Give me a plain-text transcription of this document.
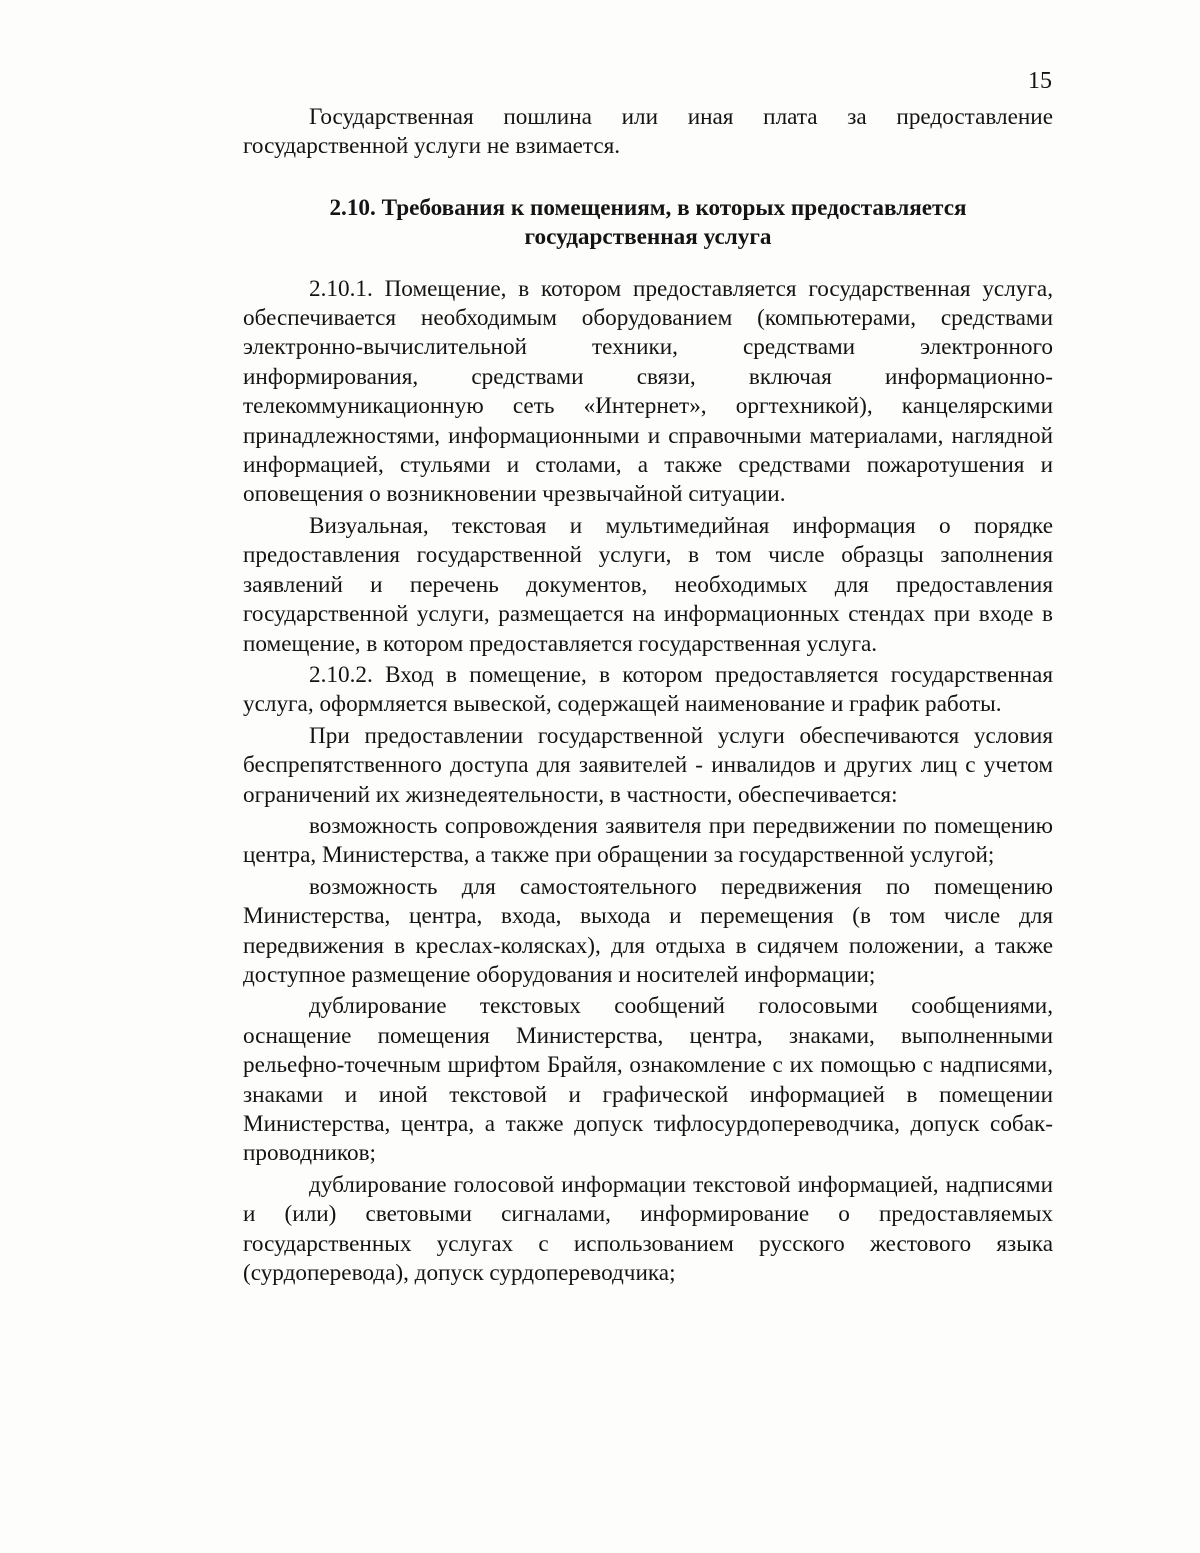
15

Государственная пошлина или иная плата за предоставление государственной услуги не взимается.

2.10. Требования к помещениям, в которых предоставляется
государственная услуга

2.10.1. Помещение, в котором предоставляется государственная услуга, обеспечивается необходимым оборудованием (компьютерами, средствами электронно-вычислительной техники, средствами электронного информирования, средствами связи, включая информационно-телекоммуникационную сеть «Интернет», оргтехникой), канцелярскими принадлежностями, информационными и справочными материалами, наглядной информацией, стульями и столами, а также средствами пожаротушения и оповещения о возникновении чрезвычайной ситуации.

Визуальная, текстовая и мультимедийная информация о порядке предоставления государственной услуги, в том числе образцы заполнения заявлений и перечень документов, необходимых для предоставления государственной услуги, размещается на информационных стендах при входе в помещение, в котором предоставляется государственная услуга.

2.10.2. Вход в помещение, в котором предоставляется государственная услуга, оформляется вывеской, содержащей наименование и график работы.

При предоставлении государственной услуги обеспечиваются условия беспрепятственного доступа для заявителей - инвалидов и других лиц с учетом ограничений их жизнедеятельности, в частности, обеспечивается:

возможность сопровождения заявителя при передвижении по помещению центра, Министерства, а также при обращении за государственной услугой;

возможность для самостоятельного передвижения по помещению Министерства, центра, входа, выхода и перемещения (в том числе для передвижения в креслах-колясках), для отдыха в сидячем положении, а также доступное размещение оборудования и носителей информации;

дублирование текстовых сообщений голосовыми сообщениями, оснащение помещения Министерства, центра, знаками, выполненными рельефно-точечным шрифтом Брайля, ознакомление с их помощью с надписями, знаками и иной текстовой и графической информацией в помещении Министерства, центра, а также допуск тифлосурдопереводчика, допуск собак-проводников;

дублирование голосовой информации текстовой информацией, надписями и (или) световыми сигналами, информирование о предоставляемых государственных услугах с использованием русского жестового языка (сурдоперевода), допуск сурдопереводчика;
